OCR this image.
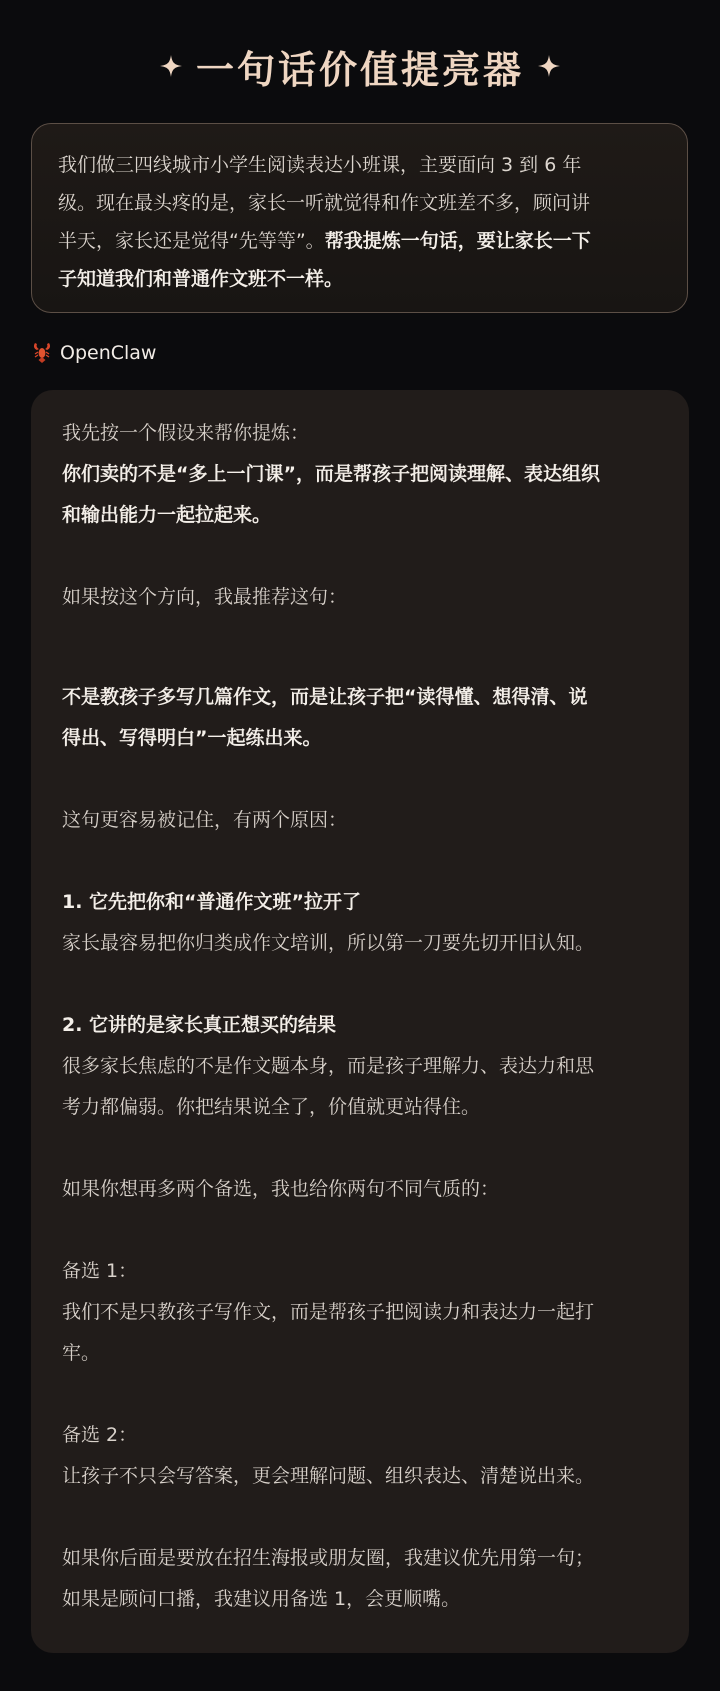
一句话价值提亮器
我们做三四线城市小学生阅读表达小班课，主要面向 3 到 6 年
级。现在最头疼的是，家长一听就觉得和作文班差不多，顾问讲
半天，家长还是觉得“先等等”。帮我提炼一句话，要让家长一下
子知道我们和普通作文班不一样。
OpenClaw

我先按一个假设来帮你提炼：

你们卖的不是“多上一门课”，而是帮孩子把阅读理解、表达组织

和输出能力一起拉起来。

如果按这个方向，我最推荐这句：

不是教孩子多写几篇作文，而是让孩子把“读得懂、想得清、说

得出、写得明白”一起练出来。

这句更容易被记住，有两个原因：

1. 它先把你和“普通作文班”拉开了

家长最容易把你归类成作文培训，所以第一刀要先切开旧认知。

2. 它讲的是家长真正想买的结果

很多家长焦虑的不是作文题本身，而是孩子理解力、表达力和思

考力都偏弱。你把结果说全了，价值就更站得住。

如果你想再多两个备选，我也给你两句不同气质的：

备选 1：

我们不是只教孩子写作文，而是帮孩子把阅读力和表达力一起打

牢。

备选 2：

让孩子不只会写答案，更会理解问题、组织表达、清楚说出来。

如果你后面是要放在招生海报或朋友圈，我建议优先用第一句；

如果是顾问口播，我建议用备选 1，会更顺嘴。
